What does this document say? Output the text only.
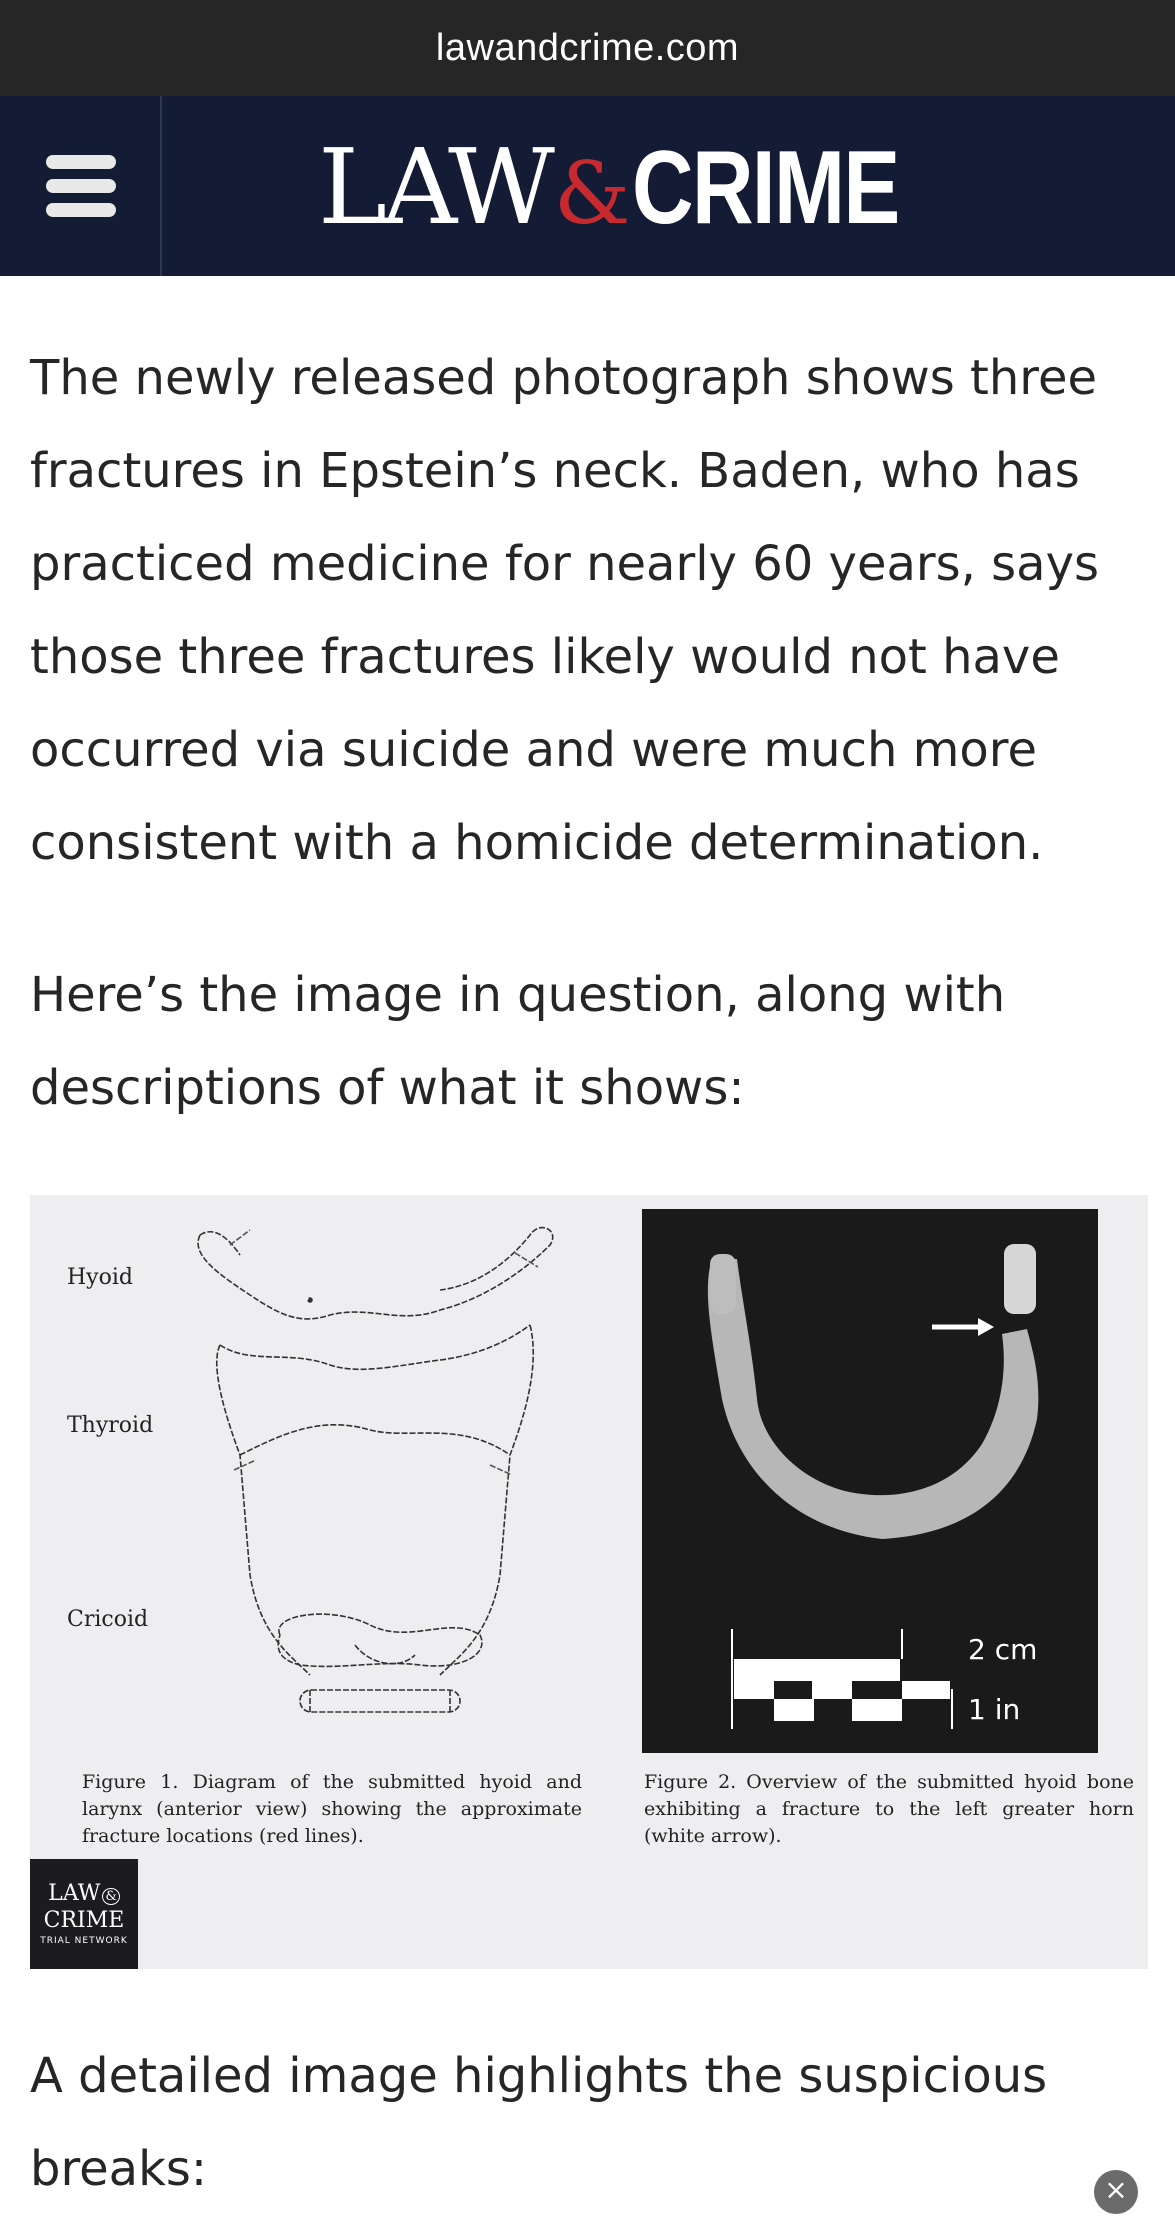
lawandcrime.com
LAW & CRIME

The newly released photograph shows three fractures in Epstein’s neck. Baden, who has practiced medicine for nearly 60 years, says those three fractures likely would not have occurred via suicide and were much more consistent with a homicide determination.

Here’s the image in question, along with descriptions of what it shows:

Hyoid
Thyroid
Cricoid

Figure 1. Diagram of the submitted hyoid and larynx (anterior view) showing the approximate fracture locations (red lines).

2 cm
1 in

Figure 2. Overview of the submitted hyoid bone exhibiting a fracture to the left greater horn (white arrow).

LAW &
CRIME
TRIAL NETWORK

A detailed image highlights the suspicious breaks:	×
